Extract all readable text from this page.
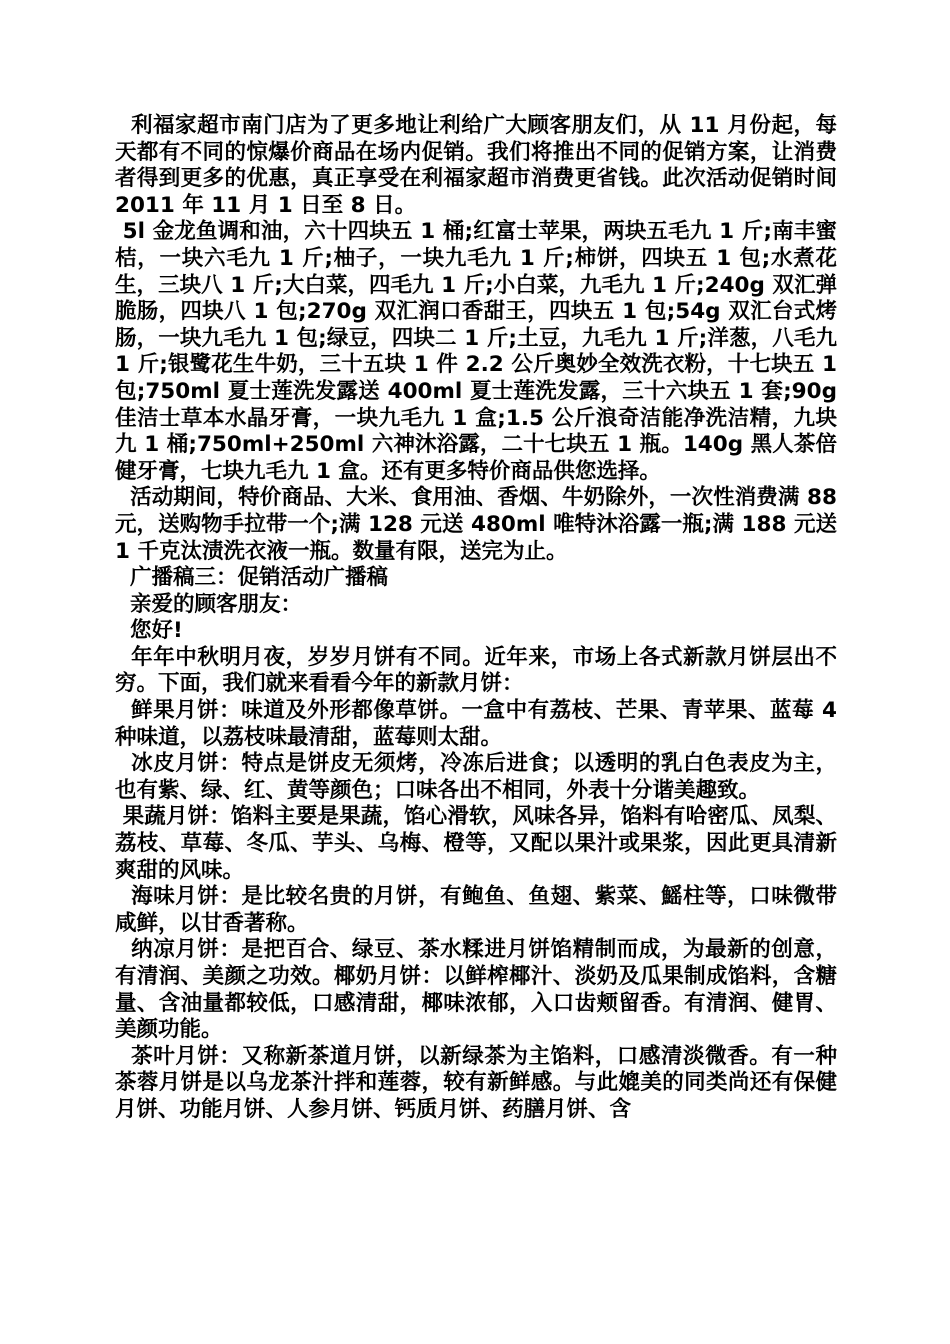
利福家超市南门店为了更多地让利给广大顾客朋友们，从 11 月份起，每天都有不同的惊爆价商品在场内促销。我们将推出不同的促销方案，让消费者得到更多的优惠，真正享受在利福家超市消费更省钱。此次活动促销时间 2011 年 11 月 1 日至 8 日。

5l 金龙鱼调和油，六十四块五 1 桶;红富士苹果，两块五毛九 1 斤;南丰蜜桔，一块六毛九 1 斤;柚子，一块九毛九 1 斤;柿饼，四块五 1 包;水煮花生，三块八 1 斤;大白菜，四毛九 1 斤;小白菜，九毛九 1 斤;240g 双汇弹脆肠，四块八 1 包;270g 双汇润口香甜王，四块五 1 包;54g 双汇台式烤肠，一块九毛九 1 包;绿豆，四块二 1 斤;土豆，九毛九 1 斤;洋葱，八毛九 1 斤;银鹭花生牛奶，三十五块 1 件 2.2 公斤奥妙全效洗衣粉，十七块五 1 包;750ml 夏士莲洗发露送 400ml 夏士莲洗发露，三十六块五 1 套;90g 佳洁士草本水晶牙膏，一块九毛九 1 盒;1.5 公斤浪奇洁能净洗洁精，九块九 1 桶;750ml+250ml 六神沐浴露，二十七块五 1 瓶。140g 黑人茶倍健牙膏，七块九毛九 1 盒。还有更多特价商品供您选择。

活动期间，特价商品、大米、食用油、香烟、牛奶除外，一次性消费满 88 元，送购物手拉带一个;满 128 元送 480ml 唯特沐浴露一瓶;满 188 元送 1 千克汰渍洗衣液一瓶。数量有限，送完为止。

广播稿三：促销活动广播稿

亲爱的顾客朋友：

您好!

年年中秋明月夜，岁岁月饼有不同。近年来，市场上各式新款月饼层出不穷。下面，我们就来看看今年的新款月饼：

鲜果月饼：味道及外形都像草饼。一盒中有荔枝、芒果、青苹果、蓝莓 4 种味道，以荔枝味最清甜，蓝莓则太甜。

冰皮月饼：特点是饼皮无须烤，冷冻后进食；以透明的乳白色表皮为主，也有紫、绿、红、黄等颜色；口味各出不相同，外表十分谐美趣致。

果蔬月饼：馅料主要是果蔬，馅心滑软，风味各异，馅料有哈密瓜、凤梨、荔枝、草莓、冬瓜、芋头、乌梅、橙等，又配以果汁或果浆，因此更具清新爽甜的风味。

海味月饼：是比较名贵的月饼，有鲍鱼、鱼翅、紫菜、鰩柱等，口味微带咸鲜，以甘香著称。

纳凉月饼：是把百合、绿豆、茶水糅进月饼馅精制而成，为最新的创意，有清润、美颜之功效。椰奶月饼：以鲜榨椰汁、淡奶及瓜果制成馅料，含糖量、含油量都较低，口感清甜，椰味浓郁，入口齿颊留香。有清润、健胃、美颜功能。

茶叶月饼：又称新茶道月饼，以新绿茶为主馅料，口感清淡微香。有一种茶蓉月饼是以乌龙茶汁拌和莲蓉，较有新鲜感。与此媲美的同类尚还有保健月饼、功能月饼、人参月饼、钙质月饼、药膳月饼、含
